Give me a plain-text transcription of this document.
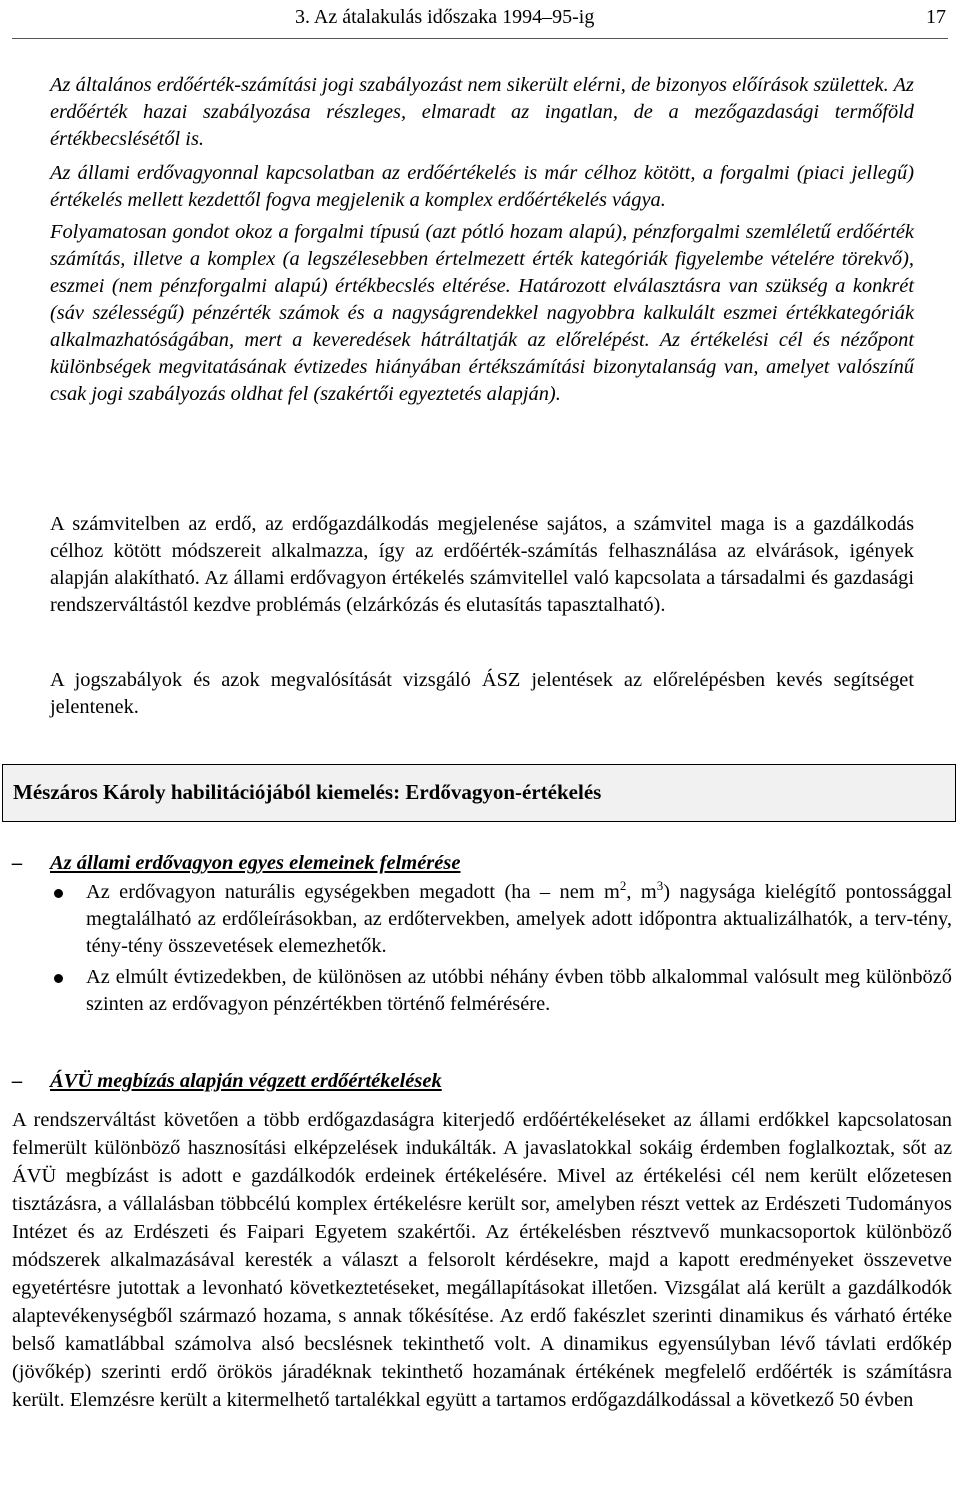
3. Az átalakulás időszaka 1994–95-ig	17

Az általános erdőérték-számítási jogi szabályozást nem sikerült elérni, de bizonyos előírások születtek. Az erdőérték hazai szabályozása részleges, elmaradt az ingatlan, de a mezőgazdasági termőföld értékbecslésétől is.

Az állami erdővagyonnal kapcsolatban az erdőértékelés is már célhoz kötött, a forgalmi (piaci jellegű) értékelés mellett kezdettől fogva megjelenik a komplex erdőértékelés vágya.

Folyamatosan gondot okoz a forgalmi típusú (azt pótló hozam alapú), pénzforgalmi szemléletű erdőérték számítás, illetve a komplex (a legszélesebben értelmezett érték kategóriák figyelembe vételére törekvő), eszmei (nem pénzforgalmi alapú) értékbecslés eltérése. Határozott elválasztásra van szükség a konkrét (sáv szélességű) pénzérték számok és a nagyságrendekkel nagyobbra kalkulált eszmei értékkategóriák alkalmazhatóságában, mert a keveredések hátráltatják az előrelépést. Az értékelési cél és nézőpont különbségek megvitatásának évtizedes hiányában értékszámítási bizonytalanság van, amelyet valószínű csak jogi szabályozás oldhat fel (szakértői egyeztetés alapján).

A számvitelben az erdő, az erdőgazdálkodás megjelenése sajátos, a számvitel maga is a gazdálkodás célhoz kötött módszereit alkalmazza, így az erdőérték-számítás felhasználása az elvárások, igények alapján alakítható. Az állami erdővagyon értékelés számvitellel való kapcsolata a társadalmi és gazdasági rendszerváltástól kezdve problémás (elzárkózás és elutasítás tapasztalható).

A jogszabályok és azok megvalósítását vizsgáló ÁSZ jelentések az előrelépésben kevés segítséget jelentenek.

Mészáros Károly habilitációjából kiemelés: Erdővagyon-értékelés
– Az állami erdővagyon egyes elemeinek felmérése
Az erdővagyon naturális egységekben megadott (ha – nem $m^2$, $m^3$) nagysága kielégítő pontossággal megtalálható az erdőleírásokban, az erdőtervekben, amelyek adott időpontra aktualizálhatók, a terv-tény, tény-tény összevetések elemezhetők.
Az elmúlt évtizedekben, de különösen az utóbbi néhány évben több alkalommal valósult meg különböző szinten az erdővagyon pénzértékben történő felmérésére.
– ÁVÜ megbízás alapján végzett erdőértékelések

A rendszerváltást követően a több erdőgazdaságra kiterjedő erdőértékeléseket az állami erdőkkel kapcsolatosan felmerült különböző hasznosítási elképzelések indukálták. A javaslatokkal sokáig érdemben foglalkoztak, sőt az ÁVÜ megbízást is adott e gazdálkodók erdeinek értékelésére. Mivel az értékelési cél nem került előzetesen tisztázásra, a vállalásban többcélú komplex értékelésre került sor, amelyben részt vettek az Erdészeti Tudományos Intézet és az Erdészeti és Faipari Egyetem szakértői. Az értékelésben résztvevő munkacsoportok különböző módszerek alkalmazásával keresték a választ a felsorolt kérdésekre, majd a kapott eredményeket összevetve egyetértésre jutottak a levonható következtetéseket, megállapításokat illetően. Vizsgálat alá került a gazdálkodók alaptevékenységből származó hozama, s annak tőkésítése. Az erdő fakészlet szerinti dinamikus és várható értéke belső kamatlábbal számolva alsó becslésnek tekinthető volt. A dinamikus egyensúlyban lévő távlati erdőkép (jövőkép) szerinti erdő örökös járadéknak tekinthető hozamának értékének megfelelő erdőérték is számításra került. Elemzésre került a kitermelhető tartalékkal együtt a tartamos erdőgazdálkodással a következő 50 évben
